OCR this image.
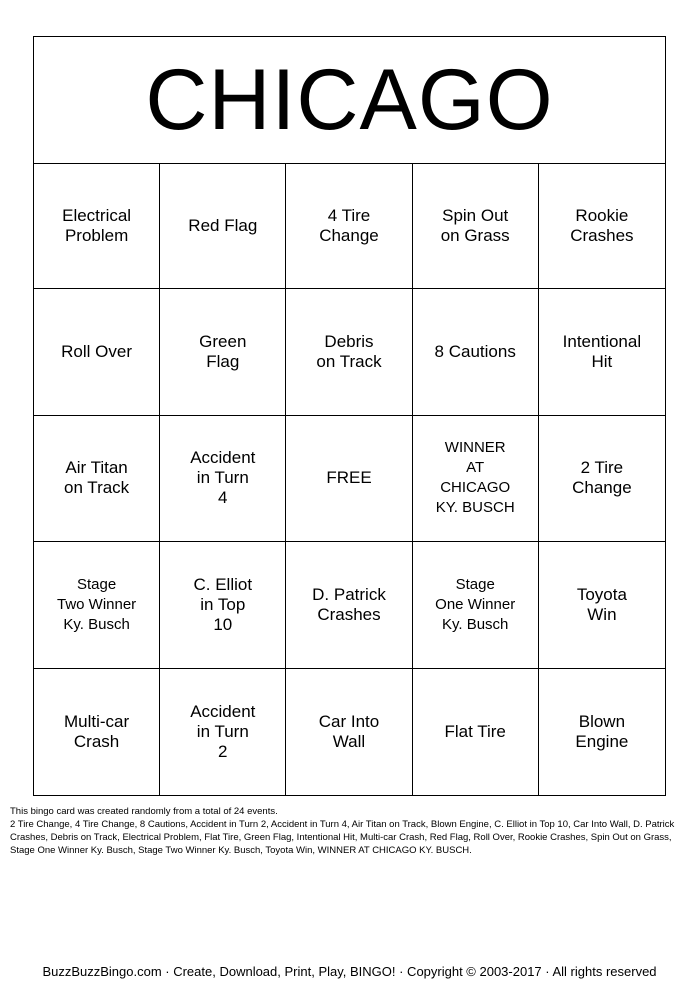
CHICAGO
Electrical
Problem
Red Flag
4 Tire
Change
Spin Out
on Grass
Rookie
Crashes
Roll Over
Green
Flag
Debris
on Track
8 Cautions
Intentional
Hit
Air Titan
on Track
Accident
in Turn
4
FREE
WINNER
AT
CHICAGO
KY. BUSCH
2 Tire
Change
Stage
Two Winner
Ky. Busch
C. Elliot
in Top
10
D. Patrick
Crashes
Stage
One Winner
Ky. Busch
Toyota
Win
Multi-car
Crash
Accident
in Turn
2
Car Into
Wall
Flat Tire
Blown
Engine

This bingo card was created randomly from a total of 24 events.

2 Tire Change, 4 Tire Change, 8 Cautions, Accident in Turn 2, Accident in Turn 4, Air Titan on Track, Blown Engine, C. Elliot in Top 10, Car Into Wall, D. Patrick Crashes, Debris on Track, Electrical Problem, Flat Tire, Green Flag, Intentional Hit, Multi-car Crash, Red Flag, Roll Over, Rookie Crashes, Spin Out on Grass, Stage One Winner Ky. Busch, Stage Two Winner Ky. Busch, Toyota Win, WINNER AT CHICAGO KY. BUSCH.

BuzzBuzzBingo.com · Create, Download, Print, Play, BINGO! · Copyright © 2003-2017 · All rights reserved
